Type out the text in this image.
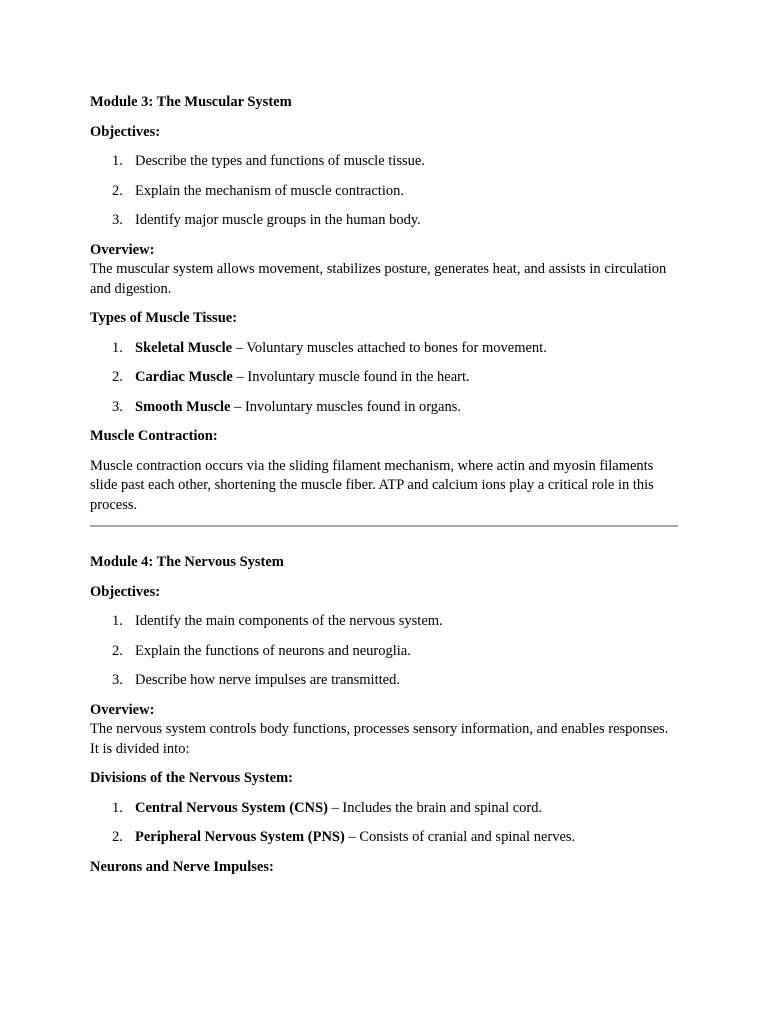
Module 3: The Muscular System
Objectives:
1. Describe the types and functions of muscle tissue.
2. Explain the mechanism of muscle contraction.
3. Identify major muscle groups in the human body.
Overview:
The muscular system allows movement, stabilizes posture, generates heat, and assists in circulation and digestion.
Types of Muscle Tissue:
1. Skeletal Muscle – Voluntary muscles attached to bones for movement.
2. Cardiac Muscle – Involuntary muscle found in the heart.
3. Smooth Muscle – Involuntary muscles found in organs.
Muscle Contraction:
Muscle contraction occurs via the sliding filament mechanism, where actin and myosin filaments slide past each other, shortening the muscle fiber. ATP and calcium ions play a critical role in this process.
Module 4: The Nervous System
Objectives:
1. Identify the main components of the nervous system.
2. Explain the functions of neurons and neuroglia.
3. Describe how nerve impulses are transmitted.
Overview:
The nervous system controls body functions, processes sensory information, and enables responses. It is divided into:
Divisions of the Nervous System:
1. Central Nervous System (CNS) – Includes the brain and spinal cord.
2. Peripheral Nervous System (PNS) – Consists of cranial and spinal nerves.
Neurons and Nerve Impulses:
